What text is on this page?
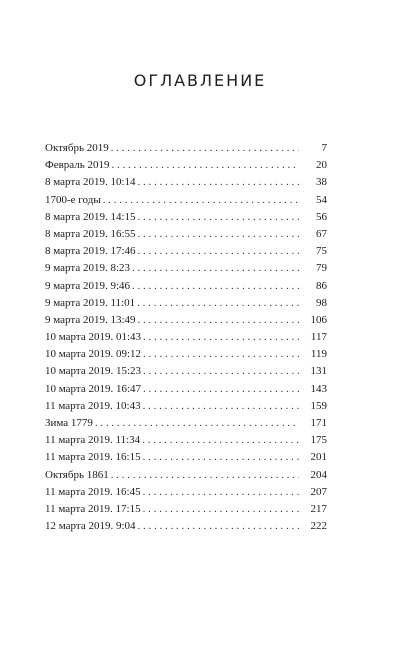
ОГЛАВЛЕНИЕ
Октябрь 2019 . . .	7
Февраль 2019 . . .	20
8 марта 2019. 10:14 . . .	38
1700-е годы . . .	54
8 марта 2019. 14:15 . . .	56
8 марта 2019. 16:55 . . .	67
8 марта 2019. 17:46 . . .	75
9 марта 2019. 8:23 . . .	79
9 марта 2019. 9:46 . . .	86
9 марта 2019. 11:01 . . .	98
9 марта 2019. 13:49 . . .	106
10 марта 2019. 01:43 . . .	117
10 марта 2019. 09:12 . . .	119
10 марта 2019. 15:23 . . .	131
10 марта 2019. 16:47 . . .	143
11 марта 2019. 10:43 . . .	159
Зима 1779 . . .	171
11 марта 2019. 11:34 . . .	175
11 марта 2019. 16:15 . . .	201
Октябрь 1861 . . .	204
11 марта 2019. 16:45 . . .	207
11 марта 2019. 17:15 . . .	217
12 марта 2019. 9:04 . . .	222
